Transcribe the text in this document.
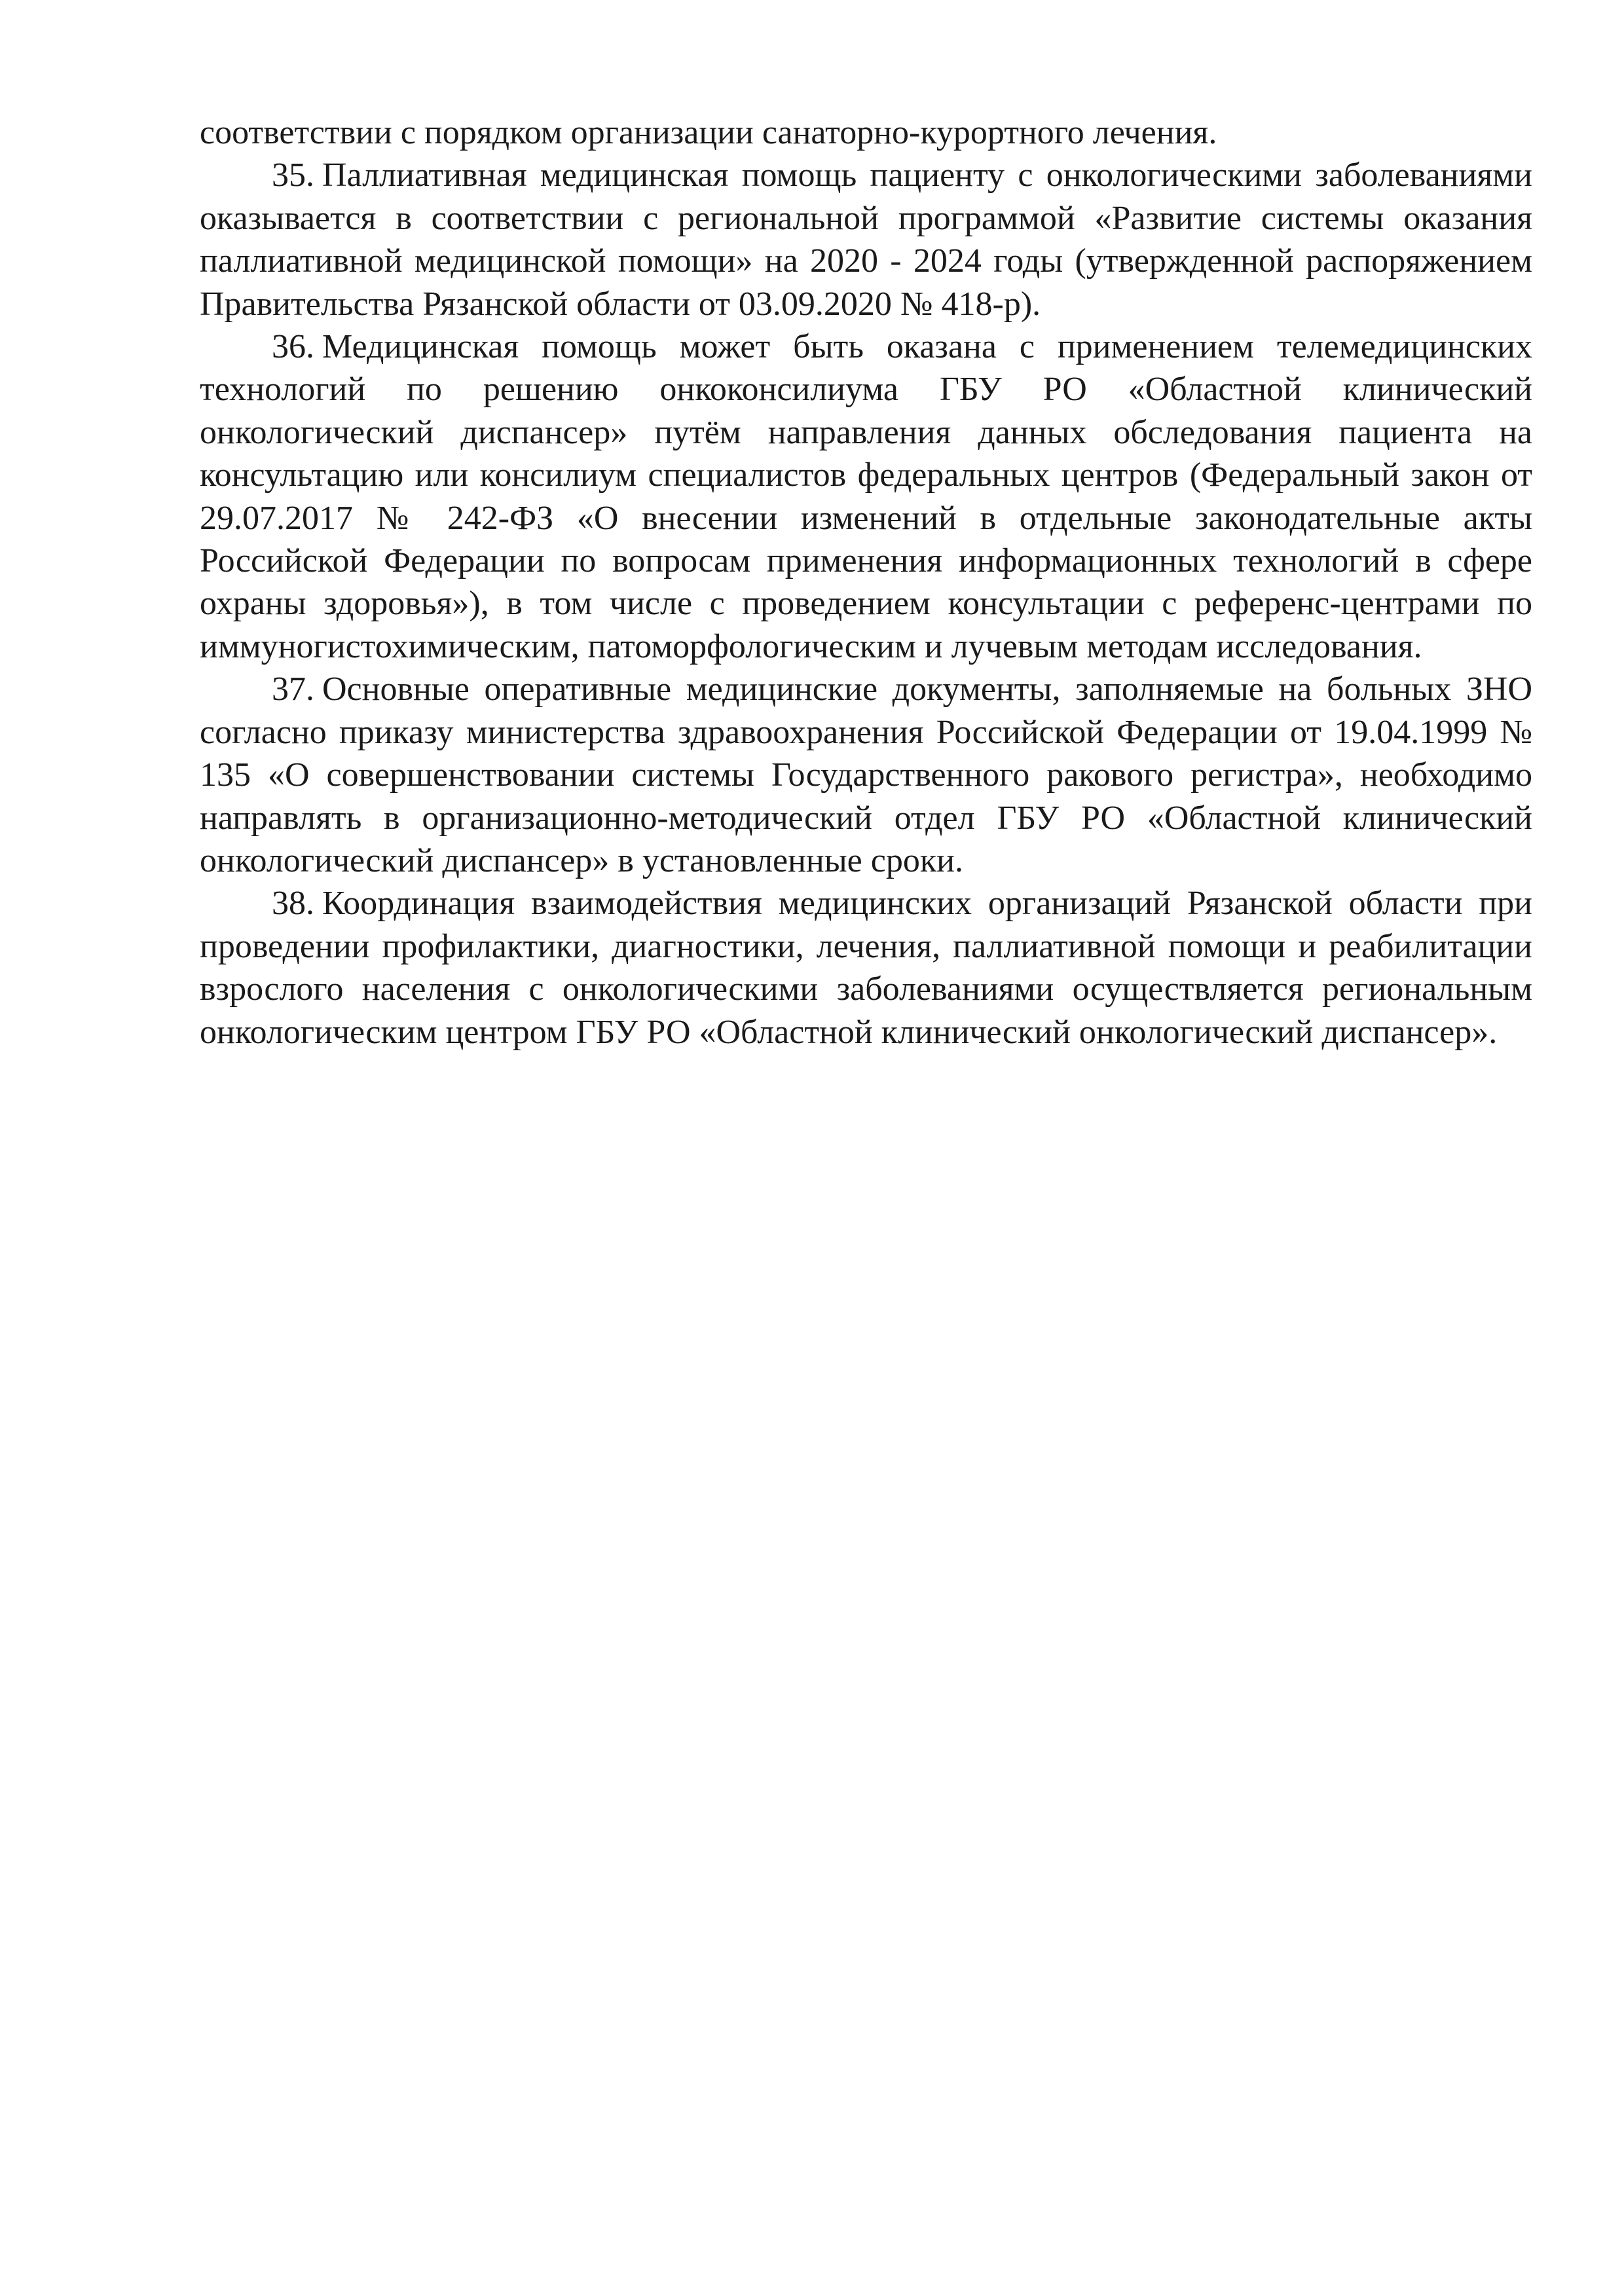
соответствии с порядком организации санаторно-курортного лечения.

35. Паллиативная медицинская помощь пациенту с онкологическими заболеваниями оказывается в соответствии с региональной программой «Развитие системы оказания паллиативной медицинской помощи» на 2020 - 2024 годы (утвержденной распоряжением Правительства Рязанской области от 03.09.2020 № 418-р).

36. Медицинская помощь может быть оказана с применением телемедицинских технологий по решению онкоконсилиума ГБУ РО «Областной клинический онкологический диспансер» путём направления данных обследования пациента на консультацию или консилиум специалистов федеральных центров (Федеральный закон от 29.07.2017 № 242-ФЗ «О внесении изменений в отдельные законодательные акты Российской Федерации по вопросам применения информационных технологий в сфере охраны здоровья»), в том числе с проведением консультации с референс-центрами по иммуногистохимическим, патоморфологическим и лучевым методам исследования.

37. Основные оперативные медицинские документы, заполняемые на больных ЗНО согласно приказу министерства здравоохранения Российской Федерации от 19.04.1999 № 135 «О совершенствовании системы Государственного ракового регистра», необходимо направлять в организационно-методический отдел ГБУ РО «Областной клинический онкологический диспансер» в установленные сроки.

38. Координация взаимодействия медицинских организаций Рязанской области при проведении профилактики, диагностики, лечения, паллиативной помощи и реабилитации взрослого населения с онкологическими заболеваниями осуществляется региональным онкологическим центром ГБУ РО «Областной клинический онкологический диспансер».
